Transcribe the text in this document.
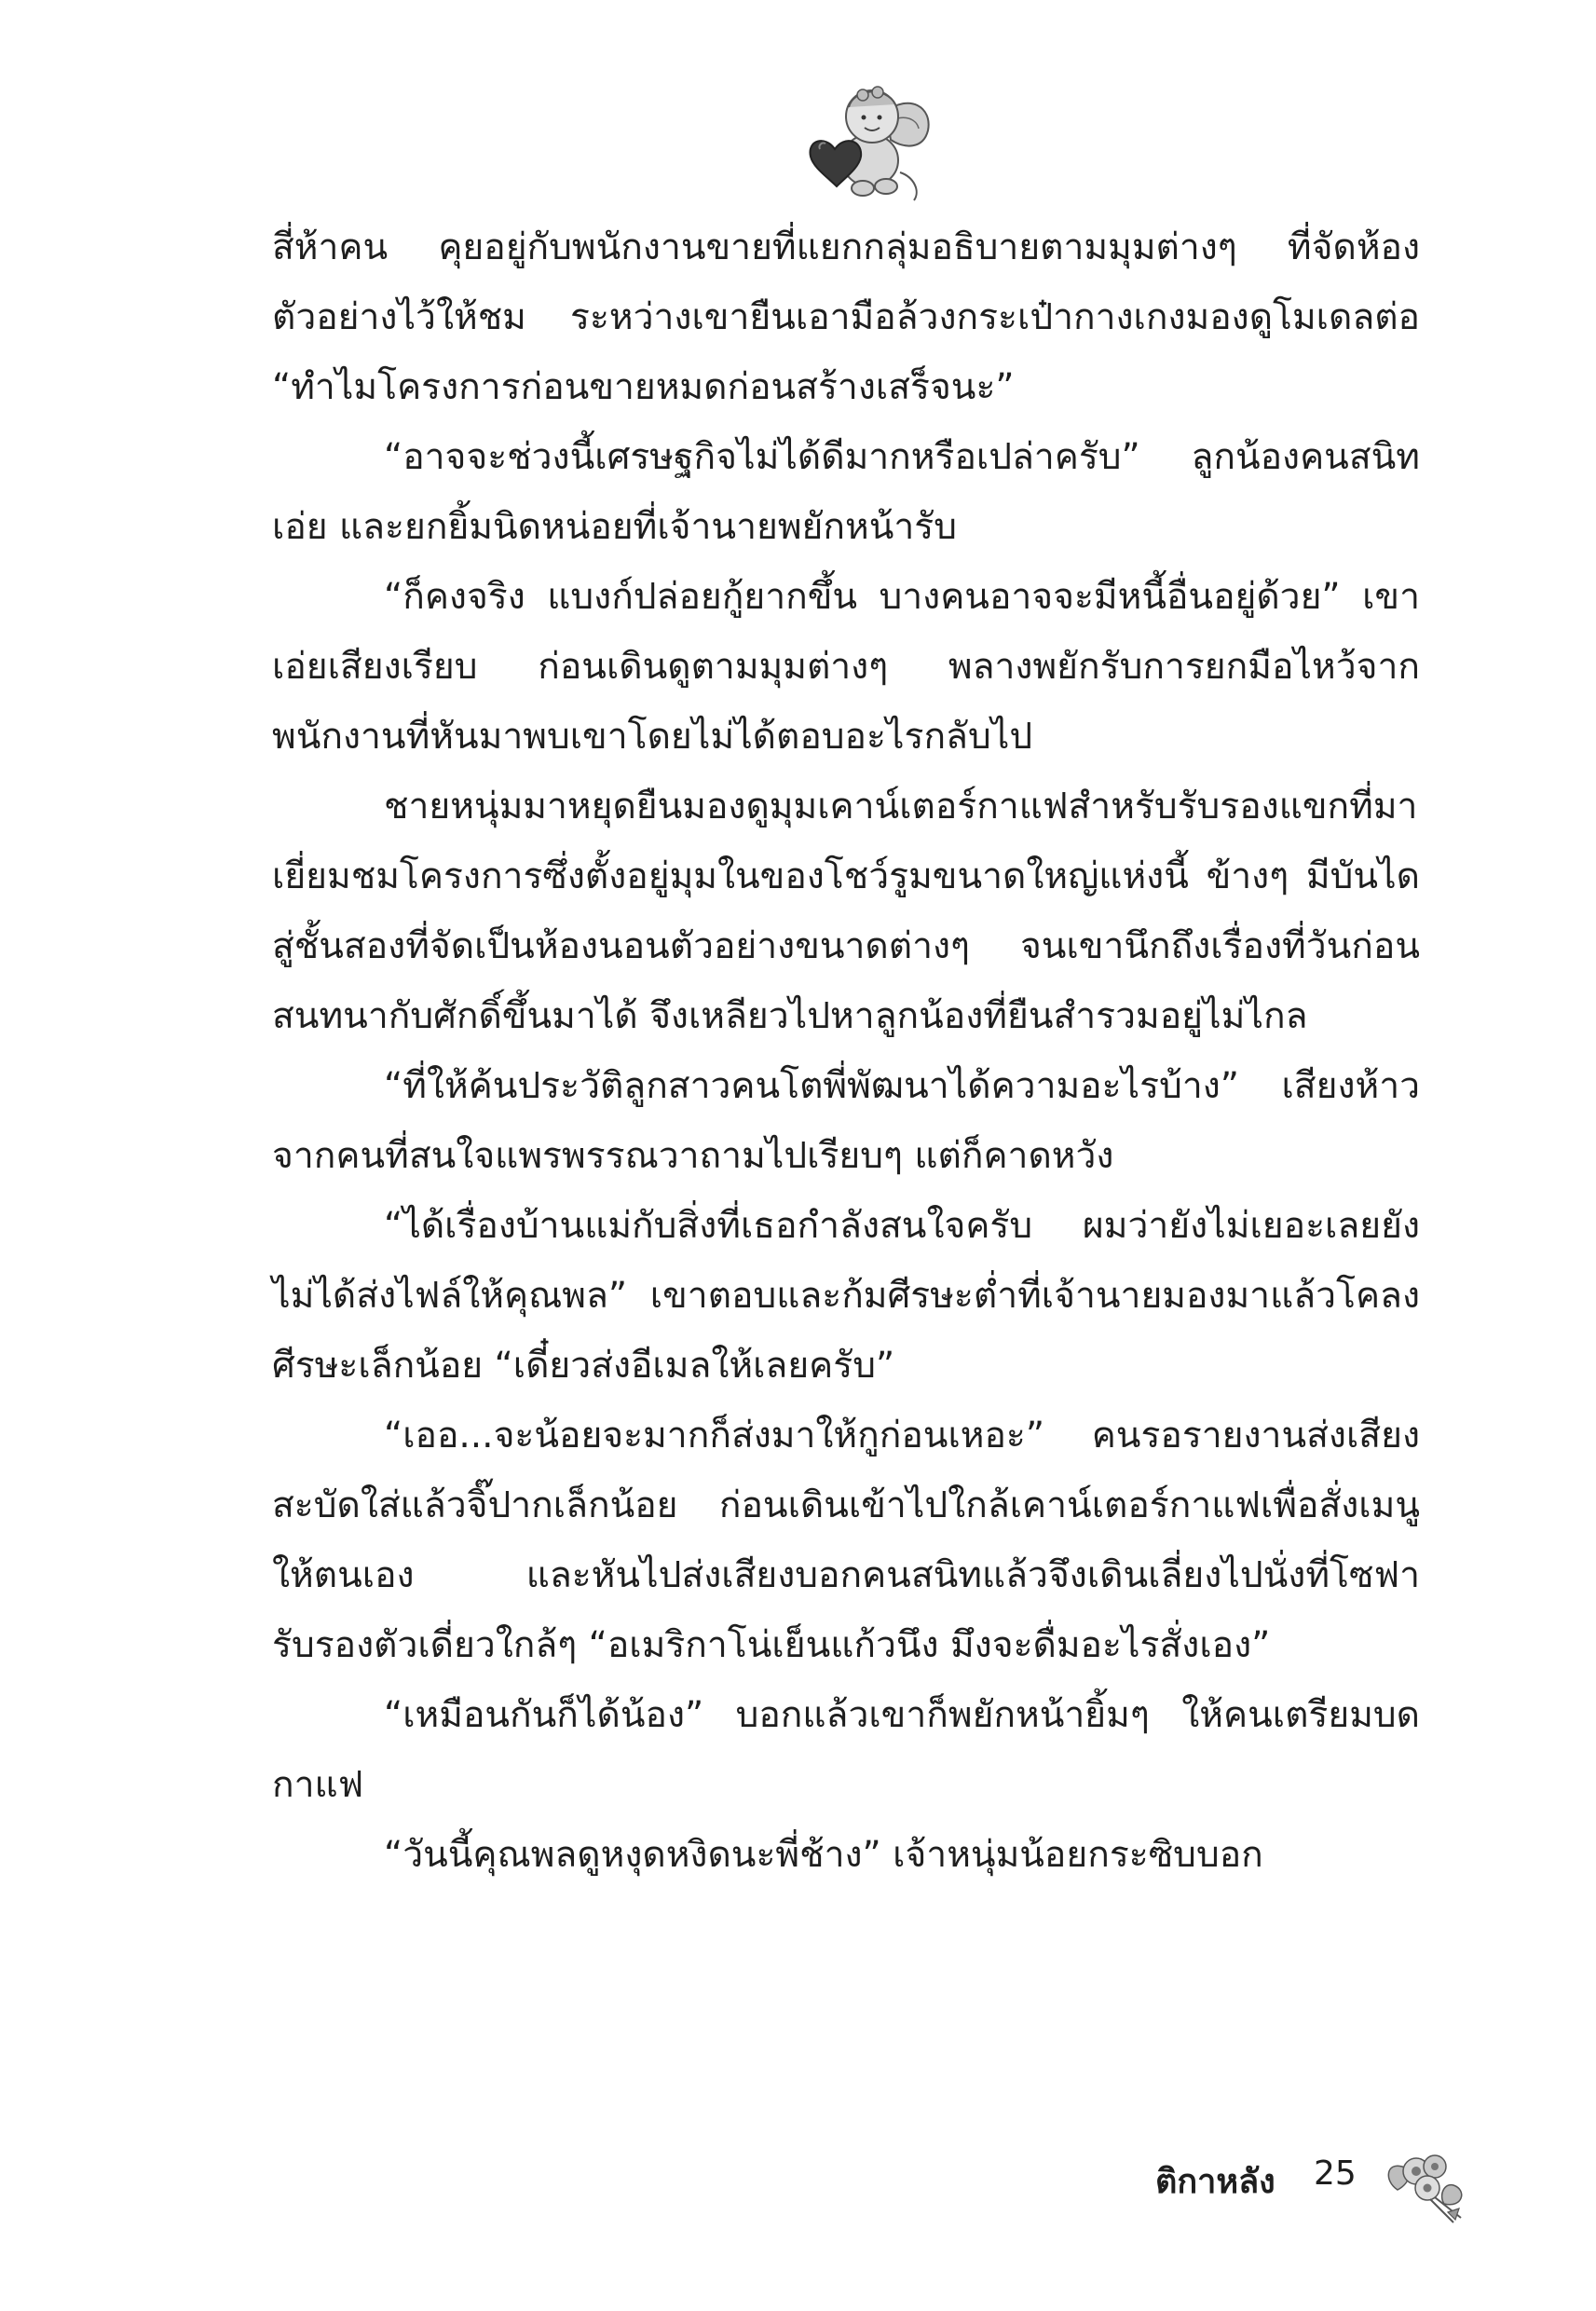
สี่ห้าคน คุยอยู่กับพนักงานขายที่แยกกลุ่มอธิบายตามมุมต่างๆ ที่จัดห้องตัวอย่างไว้ให้ชม ระหว่างเขายืนเอามือล้วงกระเป๋ากางเกงมองดูโมเดลต่อ “ทำไมโครงการก่อนขายหมดก่อนสร้างเสร็จนะ”

“อาจจะช่วงนี้เศรษฐกิจไม่ได้ดีมากหรือเปล่าครับ” ลูกน้องคนสนิทเอ่ย และยกยิ้มนิดหน่อยที่เจ้านายพยักหน้ารับ

“ก็คงจริง แบงก์ปล่อยกู้ยากขึ้น บางคนอาจจะมีหนี้อื่นอยู่ด้วย” เขาเอ่ยเสียงเรียบ ก่อนเดินดูตามมุมต่างๆ พลางพยักรับการยกมือไหว้จากพนักงานที่หันมาพบเขาโดยไม่ได้ตอบอะไรกลับไป

ชายหนุ่มมาหยุดยืนมองดูมุมเคาน์เตอร์กาแฟสำหรับรับรองแขกที่มาเยี่ยมชมโครงการซึ่งตั้งอยู่มุมในของโชว์รูมขนาดใหญ่แห่งนี้ ข้างๆ มีบันไดสู่ชั้นสองที่จัดเป็นห้องนอนตัวอย่างขนาดต่างๆ จนเขานึกถึงเรื่องที่วันก่อนสนทนากับศักดิ์ขึ้นมาได้ จึงเหลียวไปหาลูกน้องที่ยืนสำรวมอยู่ไม่ไกล

“ที่ให้ค้นประวัติลูกสาวคนโตพี่พัฒนาได้ความอะไรบ้าง” เสียงห้าวจากคนที่สนใจแพรพรรณวาถามไปเรียบๆ แต่ก็คาดหวัง

“ได้เรื่องบ้านแม่กับสิ่งที่เธอกำลังสนใจครับ ผมว่ายังไม่เยอะเลยยังไม่ได้ส่งไฟล์ให้คุณพล” เขาตอบและก้มศีรษะต่ำที่เจ้านายมองมาแล้วโคลงศีรษะเล็กน้อย “เดี๋ยวส่งอีเมลให้เลยครับ”

“เออ...จะน้อยจะมากก็ส่งมาให้กูก่อนเหอะ” คนรอรายงานส่งเสียงสะบัดใส่แล้วจิ๊ปากเล็กน้อย ก่อนเดินเข้าไปใกล้เคาน์เตอร์กาแฟเพื่อสั่งเมนูให้ตนเอง และหันไปส่งเสียงบอกคนสนิทแล้วจึงเดินเลี่ยงไปนั่งที่โซฟารับรองตัวเดี่ยวใกล้ๆ “อเมริกาโน่เย็นแก้วนึง มึงจะดื่มอะไรสั่งเอง”

“เหมือนกันก็ได้น้อง” บอกแล้วเขาก็พยักหน้ายิ้มๆ ให้คนเตรียมบดกาแฟ

“วันนี้คุณพลดูหงุดหงิดนะพี่ช้าง” เจ้าหนุ่มน้อยกระซิบบอก

ติกาหลัง 25
